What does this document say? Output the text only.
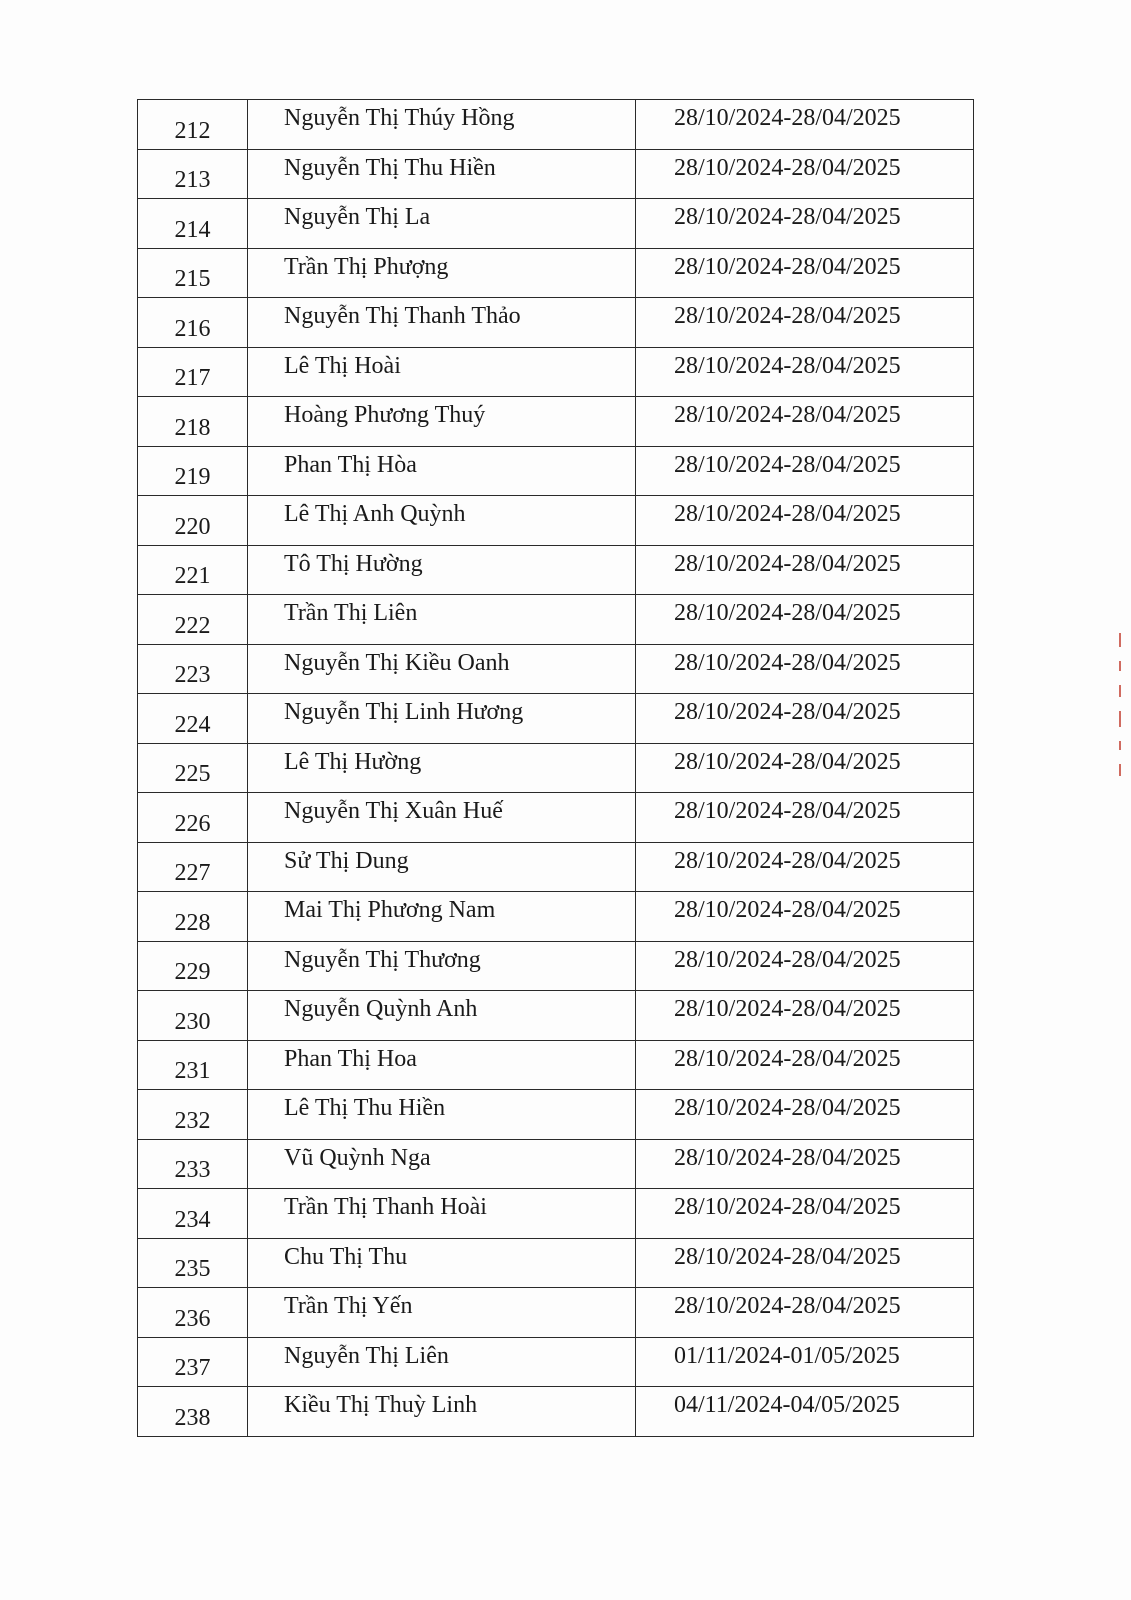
212	Nguyễn Thị Thúy Hồng	28/10/2024-28/04/2025
213	Nguyễn Thị Thu Hiền	28/10/2024-28/04/2025
214	Nguyễn Thị La	28/10/2024-28/04/2025
215	Trần Thị Phượng	28/10/2024-28/04/2025
216	Nguyễn Thị Thanh Thảo	28/10/2024-28/04/2025
217	Lê Thị Hoài	28/10/2024-28/04/2025
218	Hoàng Phương Thuý	28/10/2024-28/04/2025
219	Phan Thị Hòa	28/10/2024-28/04/2025
220	Lê Thị Anh Quỳnh	28/10/2024-28/04/2025
221	Tô Thị Hường	28/10/2024-28/04/2025
222	Trần Thị Liên	28/10/2024-28/04/2025
223	Nguyễn Thị Kiều Oanh	28/10/2024-28/04/2025
224	Nguyễn Thị Linh Hương	28/10/2024-28/04/2025
225	Lê Thị Hường	28/10/2024-28/04/2025
226	Nguyễn Thị Xuân Huế	28/10/2024-28/04/2025
227	Sử Thị Dung	28/10/2024-28/04/2025
228	Mai Thị Phương Nam	28/10/2024-28/04/2025
229	Nguyễn Thị Thương	28/10/2024-28/04/2025
230	Nguyễn Quỳnh Anh	28/10/2024-28/04/2025
231	Phan Thị Hoa	28/10/2024-28/04/2025
232	Lê Thị Thu Hiền	28/10/2024-28/04/2025
233	Vũ Quỳnh Nga	28/10/2024-28/04/2025
234	Trần Thị Thanh Hoài	28/10/2024-28/04/2025
235	Chu Thị Thu	28/10/2024-28/04/2025
236	Trần Thị Yến	28/10/2024-28/04/2025
237	Nguyễn Thị Liên	01/11/2024-01/05/2025
238	Kiều Thị Thuỳ Linh	04/11/2024-04/05/2025
